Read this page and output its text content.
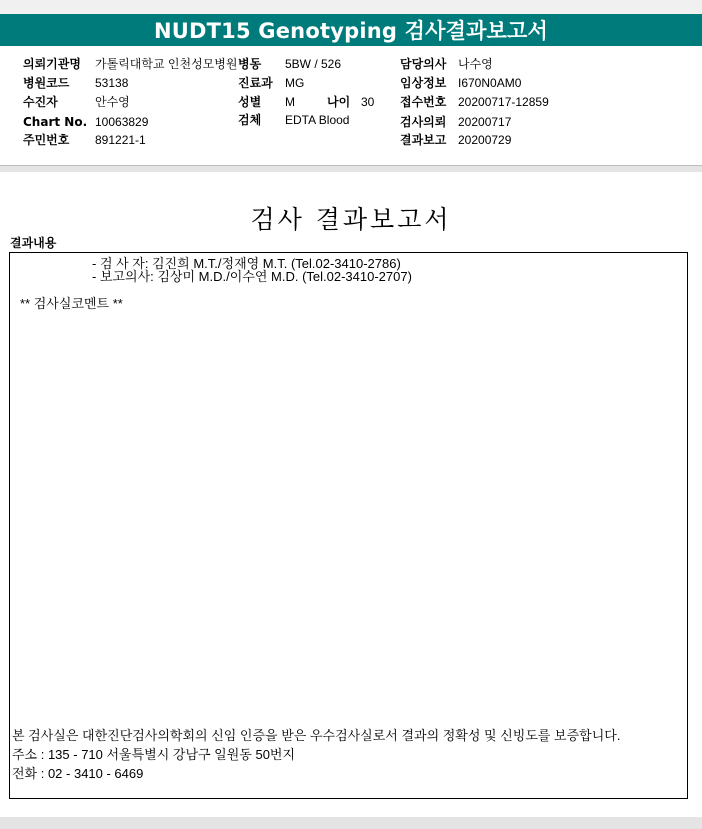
NUDT15 Genotyping 검사결과보고서
의뢰기관명 가톨릭대학교 인천성모병원 병동 5BW / 526	담당의사 나수영
병원코드 53138	진료과 MG	임상정보 I670N0AM0
수진자	안수영	성별 M	나이 30 접수번호 20200717-12859
Chart No. 10063829	검체 EDTA Blood	검사의뢰 20200717
주민번호 891221-1	결과보고 20200729
검사 결과보고서
결과내용
- 검 사 자: 김진희 M.T./정재영 M.T. (Tel.02-3410-2786)
- 보고의사: 김상미 M.D./이수연 M.D. (Tel.02-3410-2707)
** 검사실코멘트 **
본 검사실은 대한진단검사의학회의 신임 인증을 받은 우수검사실로서 결과의 정확성 및 신빙도를 보증합니다.
주소 : 135 - 710 서울특별시 강남구 일원동 50번지
전화 : 02 - 3410 - 6469
